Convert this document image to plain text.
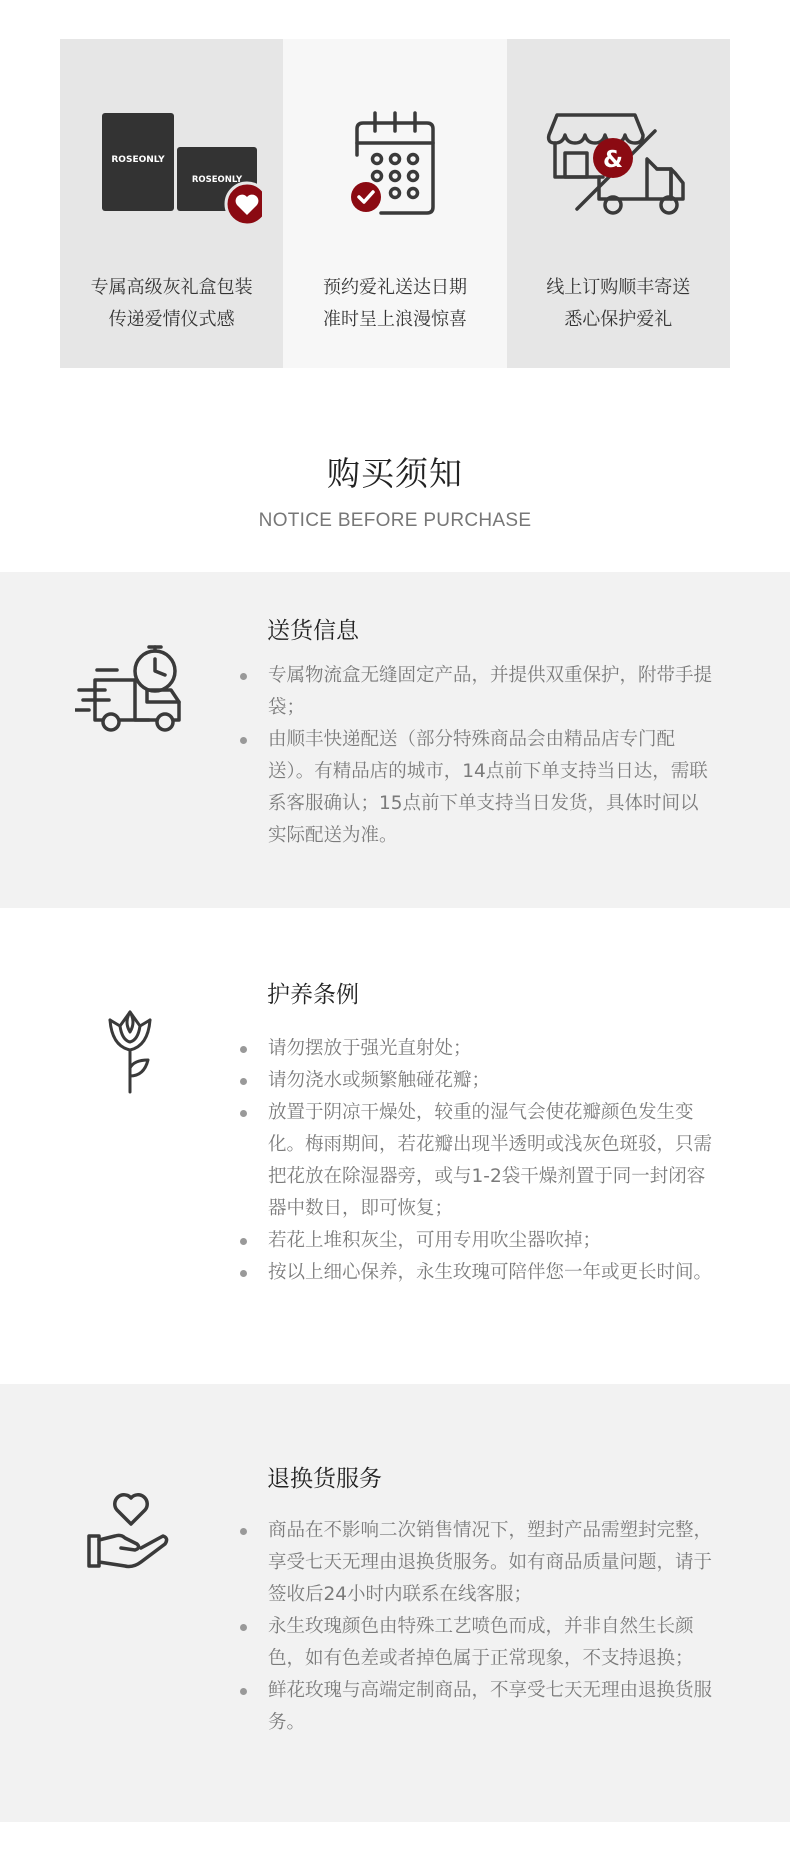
ROSEONLY
ROSEONLY
专属高级灰礼盒包装
传递爱情仪式感
预约爱礼送达日期
准时呈上浪漫惊喜
&
线上订购顺丰寄送
悉心保护爱礼
购买须知
NOTICE BEFORE PURCHASE
送货信息
专属物流盒无缝固定产品，并提供双重保护，附带手提袋；
由顺丰快递配送（部分特殊商品会由精品店专门配送）。有精品店的城市，14点前下单支持当日达，需联系客服确认；15点前下单支持当日发货，具体时间以实际配送为准。
护养条例
请勿摆放于强光直射处；
请勿浇水或频繁触碰花瓣；
放置于阴凉干燥处，较重的湿气会使花瓣颜色发生变化。梅雨期间，若花瓣出现半透明或浅灰色斑驳，只需把花放在除湿器旁，或与1-2袋干燥剂置于同一封闭容器中数日，即可恢复；
若花上堆积灰尘，可用专用吹尘器吹掉；
按以上细心保养，永生玫瑰可陪伴您一年或更长时间。
退换货服务
商品在不影响二次销售情况下，塑封产品需塑封完整，享受七天无理由退换货服务。如有商品质量问题，请于签收后24小时内联系在线客服；
永生玫瑰颜色由特殊工艺喷色而成，并非自然生长颜色，如有色差或者掉色属于正常现象，不支持退换；
鲜花玫瑰与高端定制商品，不享受七天无理由退换货服务。
